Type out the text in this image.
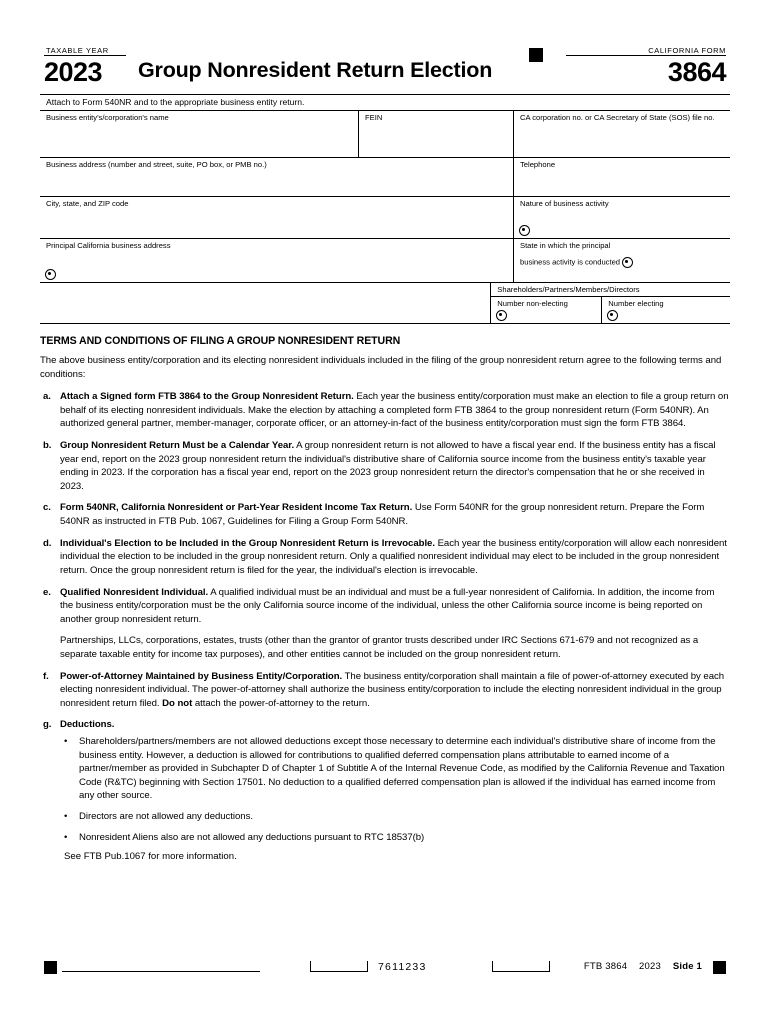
TAXABLE YEAR
2023 Group Nonresident Return Election
CALIFORNIA FORM
3864
Attach to Form 540NR and to the appropriate business entity return.
Business entity's/corporation's name	FEIN	CA corporation no. or CA Secretary of State (SOS) file no.
Business address (number and street, suite, PO box, or PMB no.)	Telephone
City, state, and ZIP code	Nature of business activity
Principal California business address	State in which the principal
business activity is conducted
Shareholders/Partners/Members/Directors
Number non-electing	Number electing
TERMS AND CONDITIONS OF FILING A GROUP NONRESIDENT RETURN
The above business entity/corporation and its electing nonresident individuals included in the filing of the group nonresident return agree to the following terms and conditions:
a. Attach a Signed form FTB 3864 to the Group Nonresident Return. Each year the business entity/corporation must make an election to file a group return on behalf of its electing nonresident individuals. Make the election by attaching a completed form FTB 3864 to the group nonresident return (Form 540NR). An authorized general partner, member-manager, corporate officer, or an attorney-in-fact of the business entity/corporation must sign the form FTB 3864.

b. Group Nonresident Return Must be a Calendar Year. A group nonresident return is not allowed to have a fiscal year end. If the business entity has a fiscal year end, report on the 2023 group nonresident return the individual's distributive share of California source income from the business entity's taxable year ending in 2023. If the corporation has a fiscal year end, report on the 2023 group nonresident return the director's compensation that he or she received in 2023.

c. Form 540NR, California Nonresident or Part-Year Resident Income Tax Return. Use Form 540NR for the group nonresident return. Prepare the Form 540NR as instructed in FTB Pub. 1067, Guidelines for Filing a Group Form 540NR.

d. Individual's Election to be Included in the Group Nonresident Return is Irrevocable. Each year the business entity/corporation will allow each nonresident individual the election to be included in the group nonresident return. Only a qualified nonresident individual may elect to be included in the group nonresident return. Once the group nonresident return is filed for the year, the individual's election is irrevocable.

e. Qualified Nonresident Individual. A qualified individual must be an individual and must be a full-year nonresident of California. In addition, the income from the business entity/corporation must be the only California source income of the individual, unless the other California source income is being reported on another group nonresident return.

Partnerships, LLCs, corporations, estates, trusts (other than the grantor of grantor trusts described under IRC Sections 671-679 and not recognized as a separate taxable entity for income tax purposes), and other entities cannot be included on the group nonresident return.

f.	Power-of-Attorney Maintained by Business Entity/Corporation. The business entity/corporation shall maintain a file of power-of-attorney executed by each electing nonresident individual. The power-of-attorney shall authorize the business entity/corporation to include the electing nonresident individual in the group nonresident return filed. Do not attach the power-of-attorney to the return.

g. Deductions.

•	Shareholders/partners/members are not allowed deductions except those necessary to determine each individual's distributive share of income from the business entity. However, a deduction is allowed for contributions to qualified deferred compensation plans attributable to earned income of a partner/member as provided in Subchapter D of Chapter 1 of Subtitle A of the Internal Revenue Code, as modified by the California Revenue and Taxation Code (R&TC) beginning with Section 17501. No deduction to a qualified deferred compensation plan is allowed if the individual has earned income from any other source.
•	Directors are not allowed any deductions.
•	Nonresident Aliens also are not allowed any deductions pursuant to RTC 18537(b)
See FTB Pub.1067 for more information.
7611233	FTB 3864 2023 Side 1
